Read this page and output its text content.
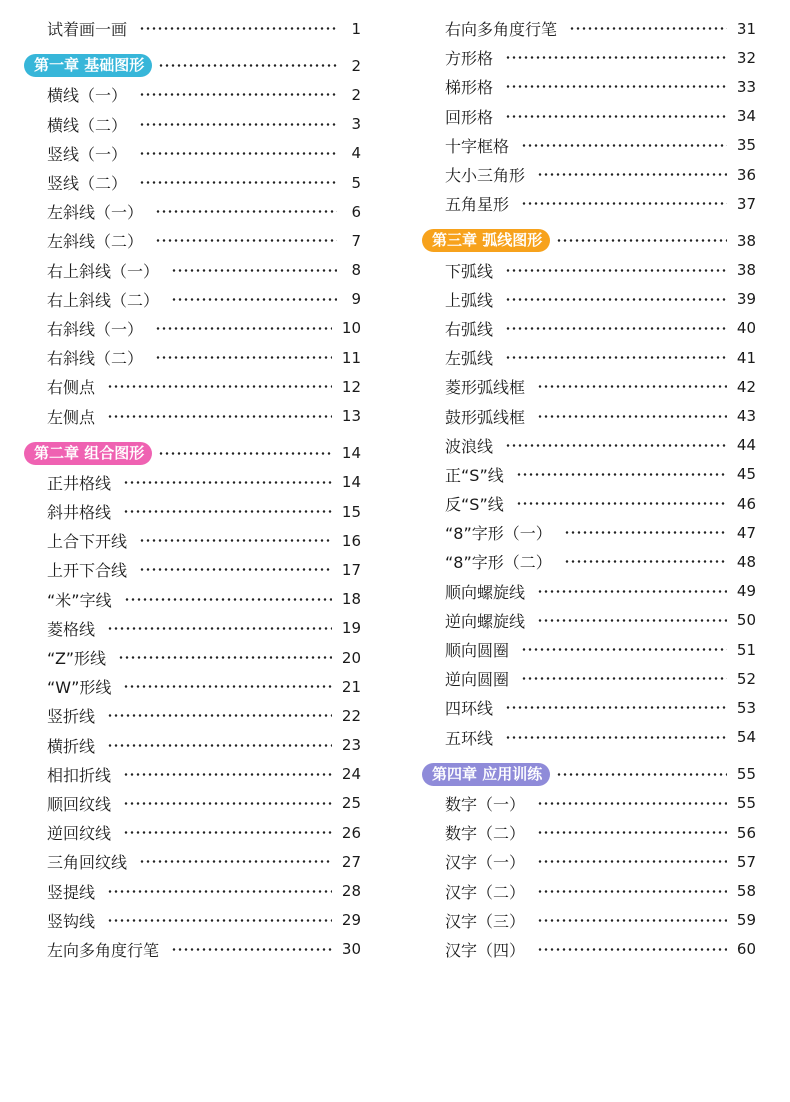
试着画一画	1
第一章 基础图形	2
横线（一）	2
横线（二）	3
竖线（一）	4
竖线（二）	5
左斜线（一）	6
左斜线（二）	7
右上斜线（一）	8
右上斜线（二）	9
右斜线（一）	10
右斜线（二）	11
右侧点	12
左侧点	13
第二章 组合图形	14
正井格线	14
斜井格线	15
上合下开线	16
上开下合线	17
“米”字线	18
菱格线	19
“Z”形线	20
“W”形线	21
竖折线	22
横折线	23
相扣折线	24
顺回纹线	25
逆回纹线	26
三角回纹线	27
竖提线	28
竖钩线	29
左向多角度行笔	30
右向多角度行笔	31
方形格	32
梯形格	33
回形格	34
十字框格	35
大小三角形	36
五角星形	37
第三章 弧线图形	38
下弧线	38
上弧线	39
右弧线	40
左弧线	41
菱形弧线框	42
鼓形弧线框	43
波浪线	44
正“S”线	45
反“S”线	46
“8”字形（一）	47
“8”字形（二）	48
顺向螺旋线	49
逆向螺旋线	50
顺向圆圈	51
逆向圆圈	52
四环线	53
五环线	54
第四章 应用训练	55
数字（一）	55
数字（二）	56
汉字（一）	57
汉字（二）	58
汉字（三）	59
汉字（四）	60
